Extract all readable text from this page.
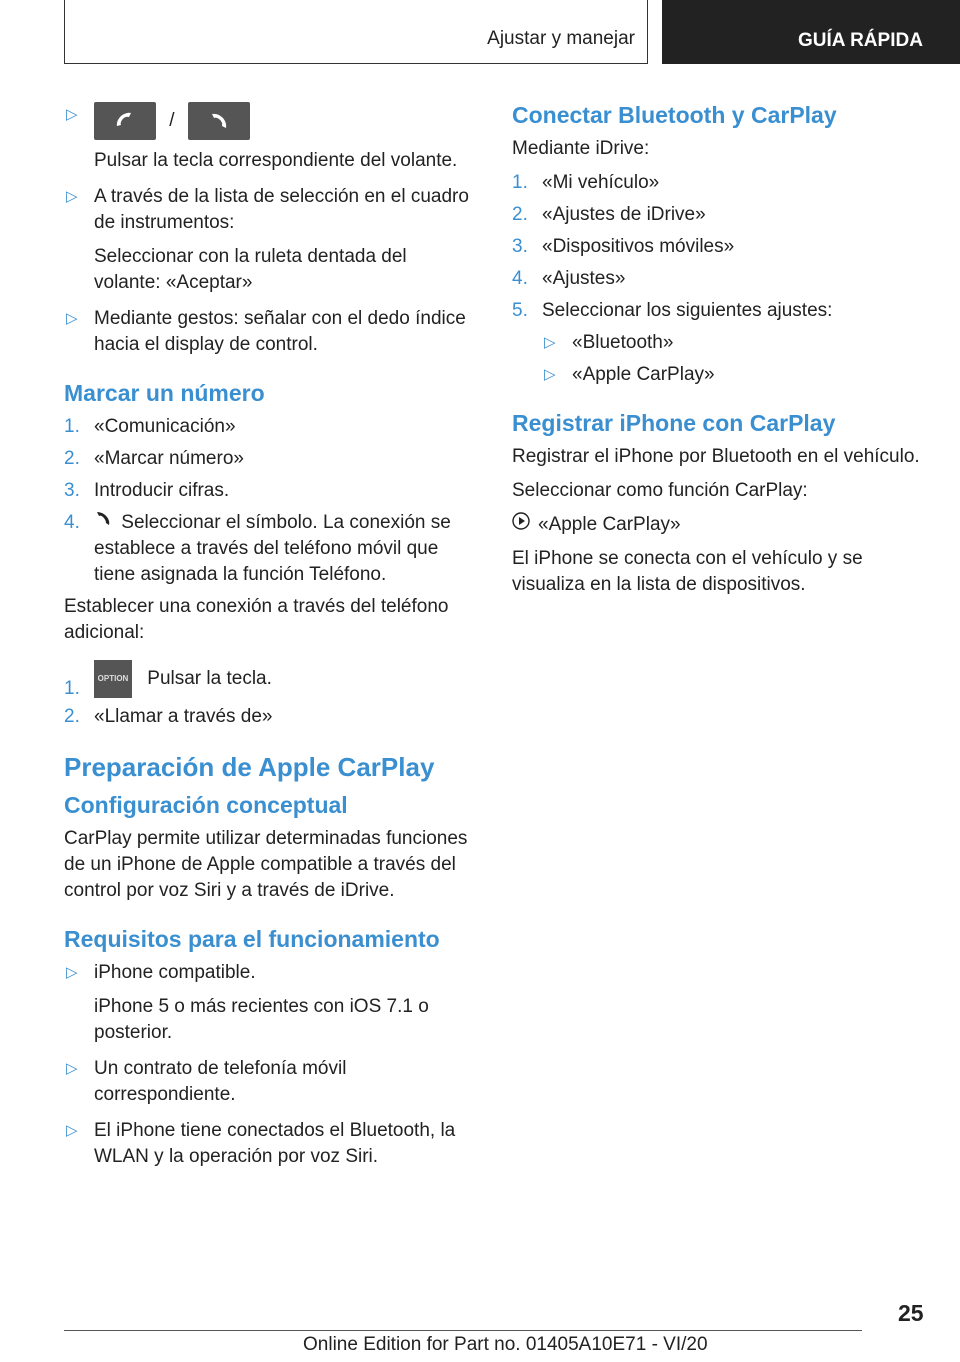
Ajustar y manejar	GUÍA RÁPIDA
▷	/

Pulsar la tecla correspondiente del volante.

▷ A través de la lista de selección en el cuadro de instrumentos:

Seleccionar con la ruleta dentada del volante: «Aceptar»

▷ Mediante gestos: señalar con el dedo índice hacia el display de control.

Marcar un número
1. «Comunicación»
2. «Marcar número»
3. Introducir cifras.
4. Seleccionar el símbolo. La conexión se establece a través del teléfono móvil que tiene asignada la función Teléfono.

Establecer una conexión a través del teléfono adicional:

1. OPTION Pulsar la tecla.
2. «Llamar a través de»
Preparación de Apple CarPlay
Configuración conceptual

CarPlay permite utilizar determinadas funciones de un iPhone de Apple compatible a través del control por voz Siri y a través de iDrive.

Requisitos para el funcionamiento
▷ iPhone compatible.

iPhone 5 o más recientes con iOS 7.1 o posterior.

▷ Un contrato de telefonía móvil correspondiente.

▷ El iPhone tiene conectados el Bluetooth, la WLAN y la operación por voz Siri.

Conectar Bluetooth y CarPlay

Mediante iDrive:

1. «Mi vehículo»
2. «Ajustes de iDrive»
3. «Dispositivos móviles»
4. «Ajustes»
5. Seleccionar los siguientes ajustes:
▷ «Bluetooth»
▷ «Apple CarPlay»
Registrar iPhone con CarPlay

Registrar el iPhone por Bluetooth en el vehículo.

Seleccionar como función CarPlay:

«Apple CarPlay»

El iPhone se conecta con el vehículo y se visualiza en la lista de dispositivos.

25
Online Edition for Part no. 01405A10E71 - VI/20
